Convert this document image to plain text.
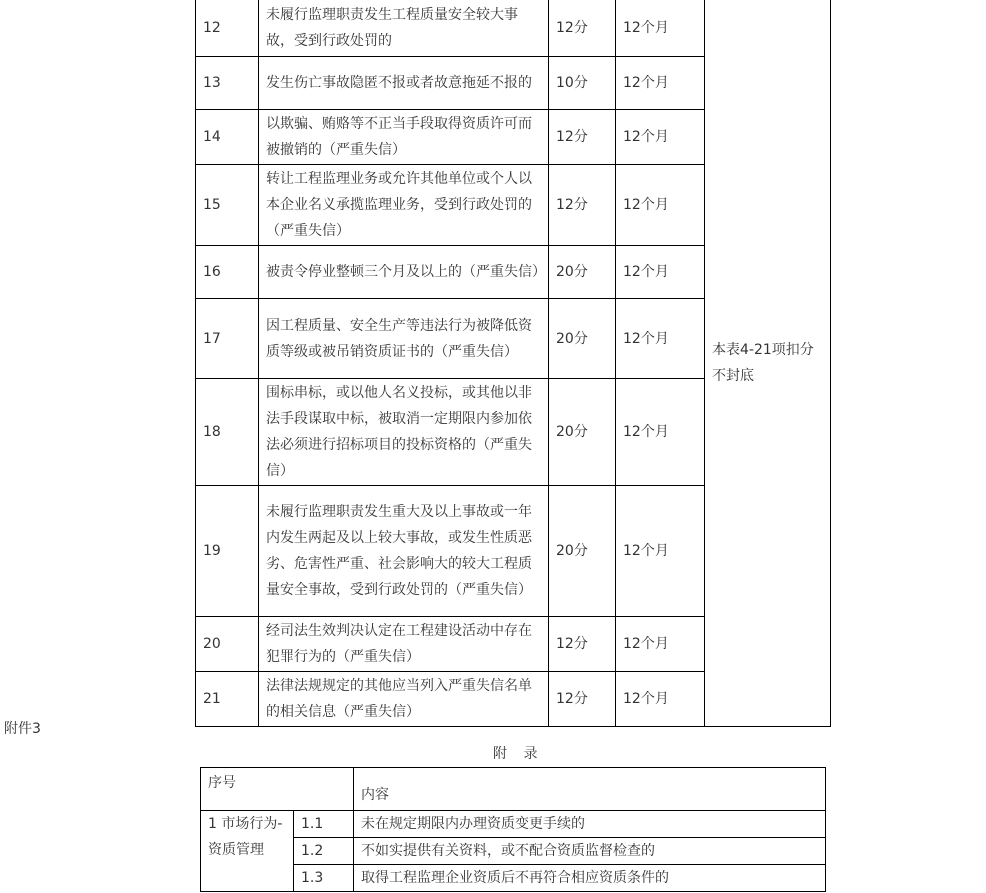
12	未履行监理职责发生工程质量安全较大事故，受到行政处罚的	12分	12个月	本表4-21项扣分不封底
13	发生伤亡事故隐匿不报或者故意拖延不报的	10分	12个月	
14	以欺骗、贿赂等不正当手段取得资质许可而被撤销的（严重失信）	12分	12个月	
15	转让工程监理业务或允许其他单位或个人以本企业名义承揽监理业务，受到行政处罚的（严重失信）	12分	12个月	
16	被责令停业整顿三个月及以上的（严重失信）	20分	12个月	
17	因工程质量、安全生产等违法行为被降低资质等级或被吊销资质证书的（严重失信）	20分	12个月	
18	围标串标，或以他人名义投标，或其他以非法手段谋取中标，被取消一定期限内参加依法必须进行招标项目的投标资格的（严重失信）	20分	12个月	
19	未履行监理职责发生重大及以上事故或一年内发生两起及以上较大事故，或发生性质恶劣、危害性严重、社会影响大的较大工程质量安全事故，受到行政处罚的（严重失信）	20分	12个月	
20	经司法生效判决认定在工程建设活动中存在犯罪行为的（严重失信）	12分	12个月	
21	法律法规规定的其他应当列入严重失信名单的相关信息（严重失信）	12分	12个月	
附件3
附 录
序号		内容
1 市场行为-资质管理	1.1	未在规定期限内办理资质变更手续的
	1.2	不如实提供有关资料，或不配合资质监督检查的
	1.3	取得工程监理企业资质后不再符合相应资质条件的
